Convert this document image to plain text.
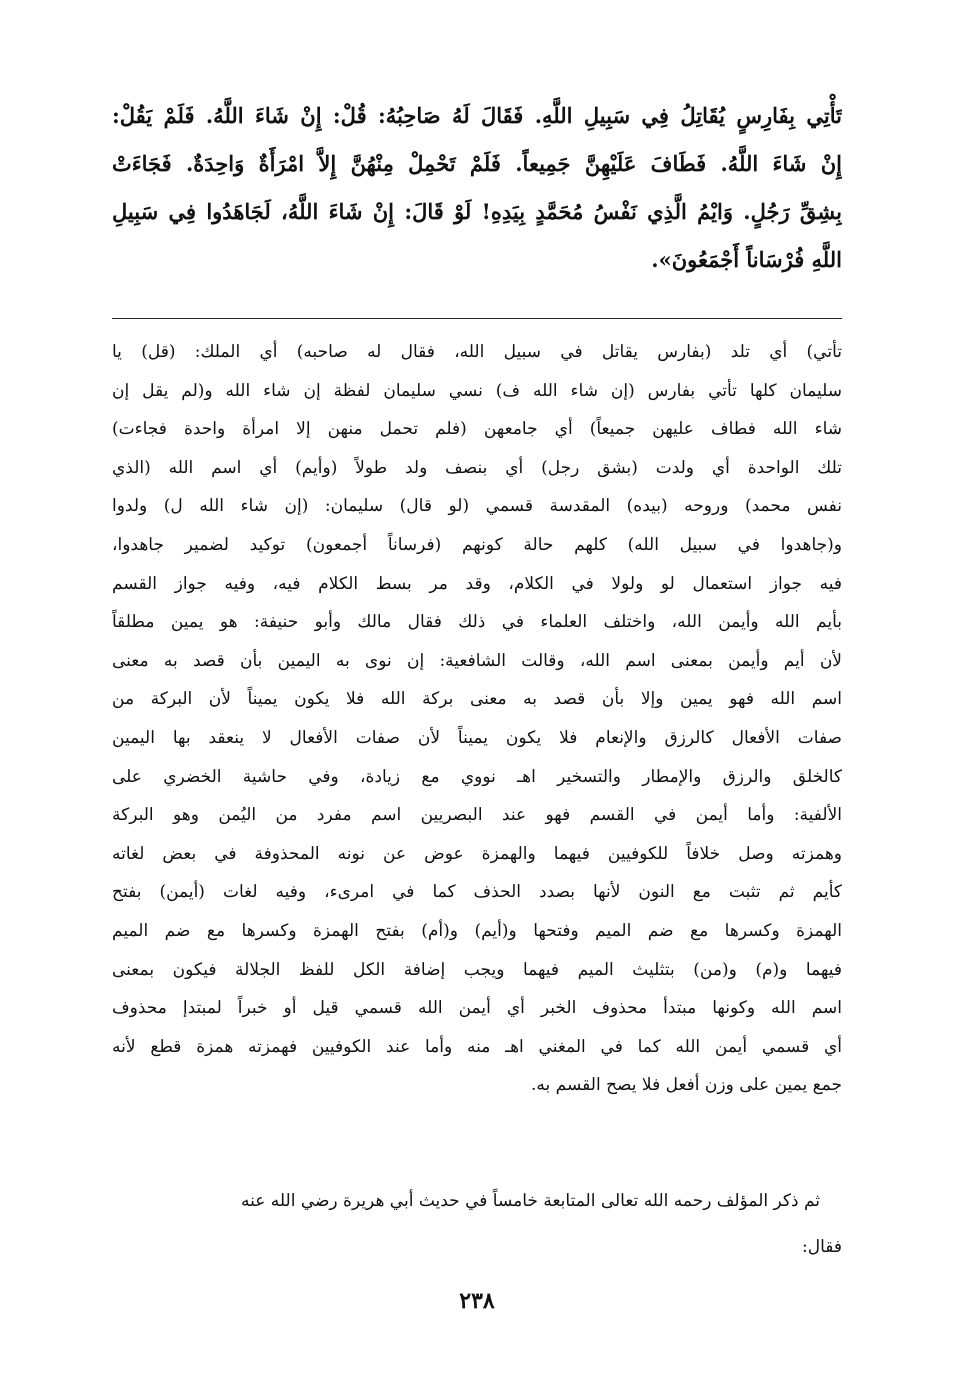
تَأْتِي بِفَارِسٍ يُقَاتِلُ فِي سَبِيلِ اللَّهِ. فَقَالَ لَهُ صَاحِبُهُ: قُلْ: إِنْ شَاءَ اللَّهُ. فَلَمْ يَقُلْ:
إِنْ شَاءَ اللَّهُ. فَطَافَ عَلَيْهِنَّ جَمِيعاً. فَلَمْ تَحْمِلْ مِنْهُنَّ إِلاَّ امْرَأَةٌ وَاحِدَةٌ. فَجَاءَتْ
بِشِقِّ رَجُلٍ. وَايْمُ الَّذِي نَفْسُ مُحَمَّدٍ بِيَدِهِ! لَوْ قَالَ: إِنْ شَاءَ اللَّهُ، لَجَاهَدُوا فِي سَبِيلِ
اللَّهِ فُرْسَاناً أَجْمَعُونَ».
تأتي) أي تلد (بفارس يقاتل في سبيل الله، فقال له صاحبه) أي الملك: (قل) يا
سليمان كلها تأتي بفارس (إن شاء الله ف) نسي سليمان لفظة إن شاء الله و(لم يقل إن
شاء الله فطاف عليهن جميعاً) أي جامعهن (فلم تحمل منهن إلا امرأة واحدة فجاءت)
تلك الواحدة أي ولدت (بشق رجل) أي بنصف ولد طولاً (وأيم) أي اسم الله (الذي
نفس محمد) وروحه (بيده) المقدسة قسمي (لو قال) سليمان: (إن شاء الله ل) ولدوا
و(جاهدوا في سبيل الله) كلهم حالة كونهم (فرساناً أجمعون) توكيد لضمير جاهدوا،
فيه جواز استعمال لو ولولا في الكلام، وقد مر بسط الكلام فيه، وفيه جواز القسم
بأيم الله وأيمن الله، واختلف العلماء في ذلك فقال مالك وأبو حنيفة: هو يمين مطلقاً
لأن أيم وأيمن بمعنى اسم الله، وقالت الشافعية: إن نوى به اليمين بأن قصد به معنى
اسم الله فهو يمين وإلا بأن قصد به معنى بركة الله فلا يكون يميناً لأن البركة من
صفات الأفعال كالرزق والإنعام فلا يكون يميناً لأن صفات الأفعال لا ينعقد بها اليمين
كالخلق والرزق والإمطار والتسخير اهـ نووي مع زيادة، وفي حاشية الخضري على
الألفية: وأما أيمن في القسم فهو عند البصريين اسم مفرد من اليُمن وهو البركة
وهمزته وصل خلافاً للكوفيين فيهما والهمزة عوض عن نونه المحذوفة في بعض لغاته
كأيم ثم تثبت مع النون لأنها بصدد الحذف كما في امرىء، وفيه لغات (أيمن) بفتح
الهمزة وكسرها مع ضم الميم وفتحها و(أيم) و(أم) بفتح الهمزة وكسرها مع ضم الميم
فيهما و(م) و(من) بتثليث الميم فيهما ويجب إضافة الكل للفظ الجلالة فيكون بمعنى
اسم الله وكونها مبتدأ محذوف الخبر أي أيمن الله قسمي قيل أو خبراً لمبتدإ محذوف
أي قسمي أيمن الله كما في المغني اهـ منه وأما عند الكوفيين فهمزته همزة قطع لأنه
جمع يمين على وزن أفعل فلا يصح القسم به.
ثم ذكر المؤلف رحمه الله تعالى المتابعة خامساً في حديث أبي هريرة رضي الله عنه
فقال:
٢٣٨
